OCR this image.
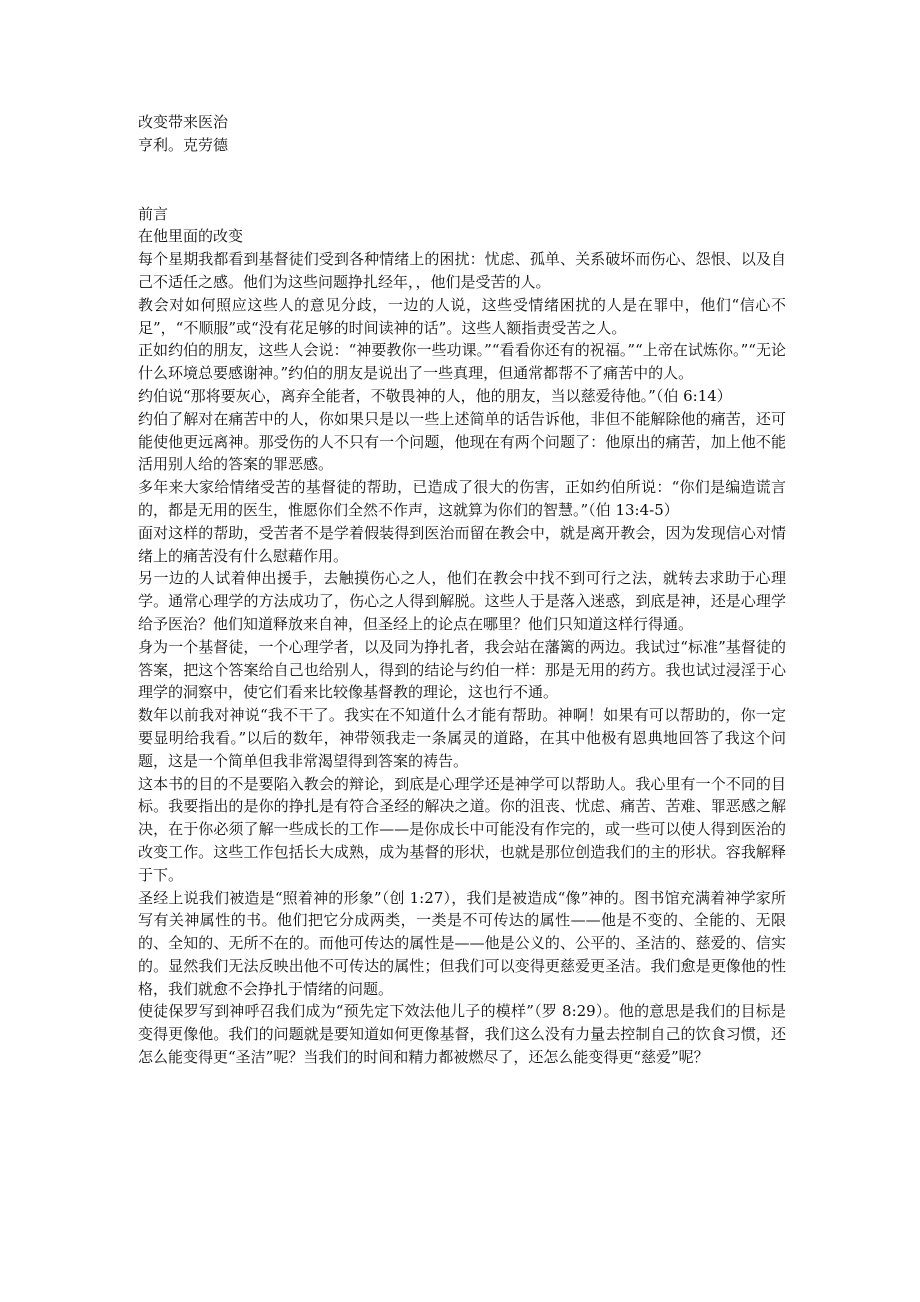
改变带来医治

亨利。克劳德

前言

在他里面的改变

每个星期我都看到基督徒们受到各种情绪上的困扰：忧虑、孤单、关系破坏而伤心、怨恨、以及自己不适任之感。他们为这些问题挣扎经年，，他们是受苦的人。

教会对如何照应这些人的意见分歧，一边的人说，这些受情绪困扰的人是在罪中，他们“信心不足”，“不顺服”或“没有花足够的时间读神的话”。这些人额指责受苦之人。

正如约伯的朋友，这些人会说：“神要教你一些功课。”“看看你还有的祝福。”“上帝在试炼你。”“无论什么环境总要感谢神。”约伯的朋友是说出了一些真理，但通常都帮不了痛苦中的人。

约伯说“那将要灰心，离弃全能者，不敬畏神的人，他的朋友，当以慈爱待他。”（伯 6:14）

约伯了解对在痛苦中的人，你如果只是以一些上述简单的话告诉他，非但不能解除他的痛苦，还可能使他更远离神。那受伤的人不只有一个问题，他现在有两个问题了：他原出的痛苦，加上他不能活用别人给的答案的罪恶感。

多年来大家给情绪受苦的基督徒的帮助，已造成了很大的伤害，正如约伯所说：“你们是编造谎言的，都是无用的医生，惟愿你们全然不作声，这就算为你们的智慧。”（伯 13:4-5）

面对这样的帮助，受苦者不是学着假装得到医治而留在教会中，就是离开教会，因为发现信心对情绪上的痛苦没有什么慰藉作用。

另一边的人试着伸出援手，去触摸伤心之人，他们在教会中找不到可行之法，就转去求助于心理学。通常心理学的方法成功了，伤心之人得到解脱。这些人于是落入迷惑，到底是神，还是心理学给予医治？他们知道释放来自神，但圣经上的论点在哪里？他们只知道这样行得通。

身为一个基督徒，一个心理学者，以及同为挣扎者，我会站在藩篱的两边。我试过“标准”基督徒的答案，把这个答案给自己也给别人，得到的结论与约伯一样：那是无用的药方。我也试过浸淫于心理学的洞察中，使它们看来比较像基督教的理论，这也行不通。

数年以前我对神说“我不干了。我实在不知道什么才能有帮助。神啊！如果有可以帮助的，你一定要显明给我看。”以后的数年，神带领我走一条属灵的道路，在其中他极有恩典地回答了我这个问题，这是一个简单但我非常渴望得到答案的祷告。

这本书的目的不是要陷入教会的辩论，到底是心理学还是神学可以帮助人。我心里有一个不同的目标。我要指出的是你的挣扎是有符合圣经的解决之道。你的沮丧、忧虑、痛苦、苦难、罪恶感之解决，在于你必须了解一些成长的工作——是你成长中可能没有作完的，或一些可以使人得到医治的改变工作。这些工作包括长大成熟，成为基督的形状，也就是那位创造我们的主的形状。容我解释于下。

圣经上说我们被造是“照着神的形象”（创 1:27），我们是被造成“像”神的。图书馆充满着神学家所写有关神属性的书。他们把它分成两类，一类是不可传达的属性——他是不变的、全能的、无限的、全知的、无所不在的。而他可传达的属性是——他是公义的、公平的、圣洁的、慈爱的、信实的。显然我们无法反映出他不可传达的属性；但我们可以变得更慈爱更圣洁。我们愈是更像他的性格，我们就愈不会挣扎于情绪的问题。

使徒保罗写到神呼召我们成为“预先定下效法他儿子的模样”（罗 8:29）。他的意思是我们的目标是变得更像他。我们的问题就是要知道如何更像基督，我们这么没有力量去控制自己的饮食习惯，还怎么能变得更“圣洁”呢？当我们的时间和精力都被燃尽了，还怎么能变得更“慈爱”呢？
